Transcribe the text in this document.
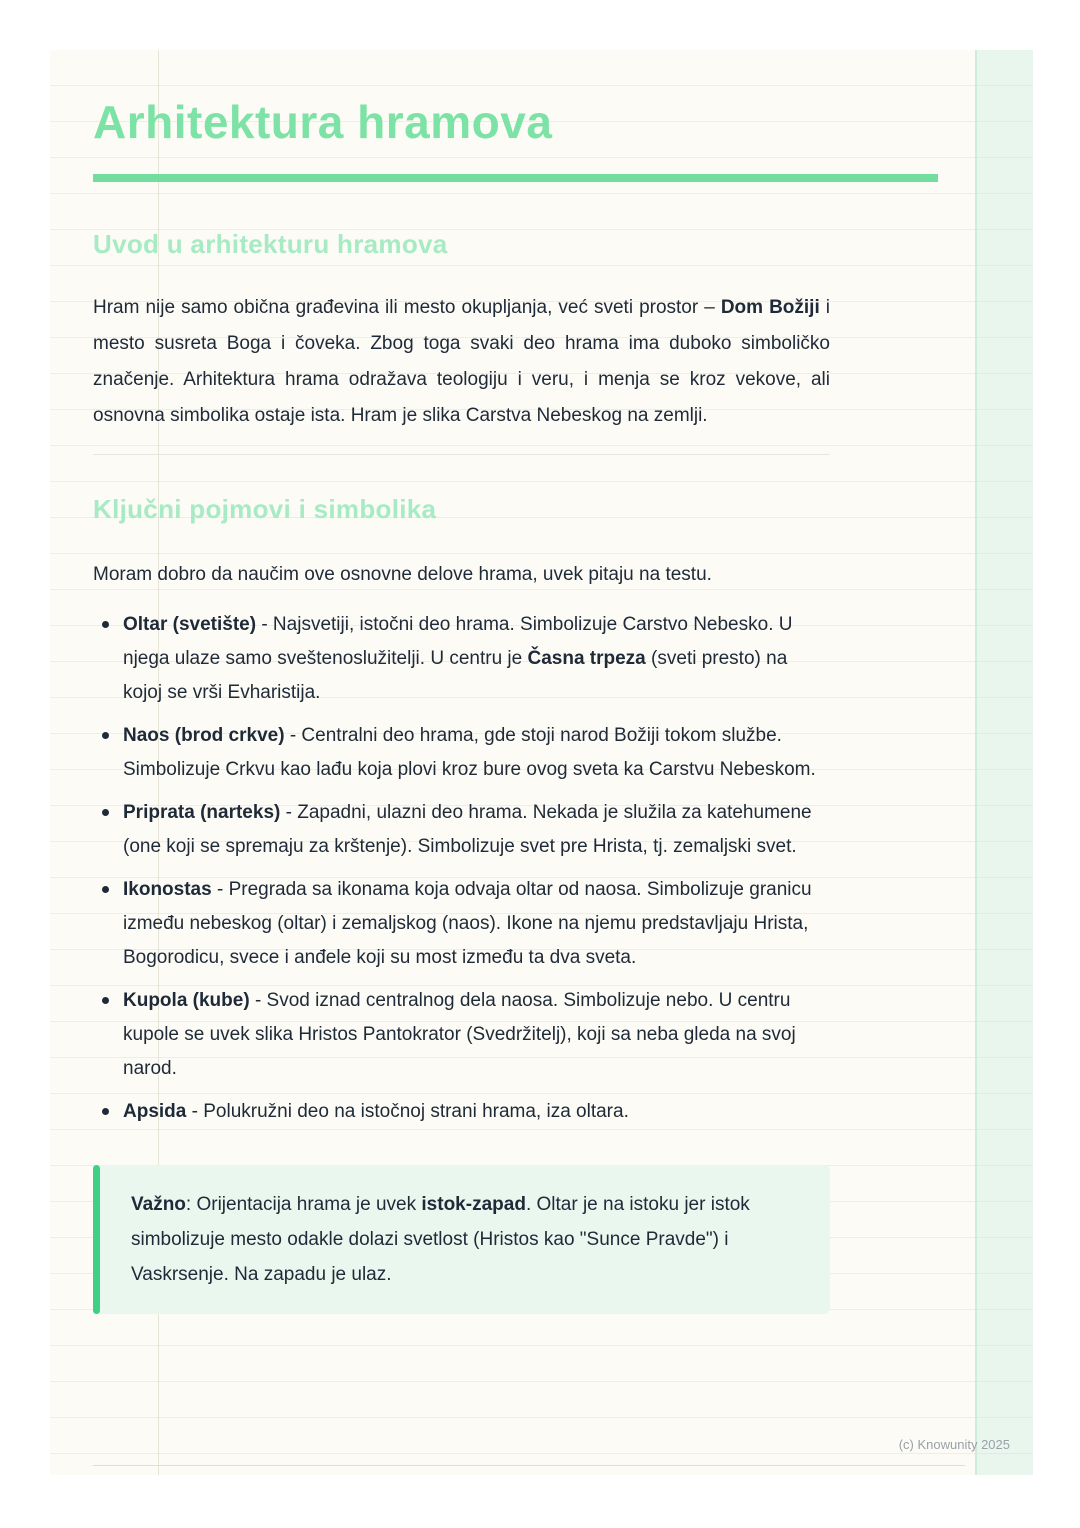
Arhitektura hramova
Uvod u arhitekturu hramova

Hram nije samo obična građevina ili mesto okupljanja, već sveti prostor – Dom Božiji i mesto susreta Boga i čoveka. Zbog toga svaki deo hrama ima duboko simboličko značenje. Arhitektura hrama odražava teologiju i veru, i menja se kroz vekove, ali osnovna simbolika ostaje ista. Hram je slika Carstva Nebeskog na zemlji.

Ključni pojmovi i simbolika

Moram dobro da naučim ove osnovne delove hrama, uvek pitaju na testu.

Oltar (svetište) - Najsvetiji, istočni deo hrama. Simbolizuje Carstvo Nebesko. U njega ulaze samo sveštenoslužitelji. U centru je Časna trpeza (sveti presto) na kojoj se vrši Evharistija.
Naos (brod crkve) - Centralni deo hrama, gde stoji narod Božiji tokom službe. Simbolizuje Crkvu kao lađu koja plovi kroz bure ovog sveta ka Carstvu Nebeskom.
Priprata (narteks) - Zapadni, ulazni deo hrama. Nekada je služila za katehumene (one koji se spremaju za krštenje). Simbolizuje svet pre Hrista, tj. zemaljski svet.
Ikonostas - Pregrada sa ikonama koja odvaja oltar od naosa. Simbolizuje granicu između nebeskog (oltar) i zemaljskog (naos). Ikone na njemu predstavljaju Hrista, Bogorodicu, svece i anđele koji su most između ta dva sveta.
Kupola (kube) - Svod iznad centralnog dela naosa. Simbolizuje nebo. U centru kupole se uvek slika Hristos Pantokrator (Svedržitelj), koji sa neba gleda na svoj narod.
Apsida - Polukružni deo na istočnoj strani hrama, iza oltara.

Važno: Orijentacija hrama je uvek istok-zapad. Oltar je na istoku jer istok simbolizuje mesto odakle dolazi svetlost (Hristos kao "Sunce Pravde") i Vaskrsenje. Na zapadu je ulaz.

(c) Knowunity 2025
